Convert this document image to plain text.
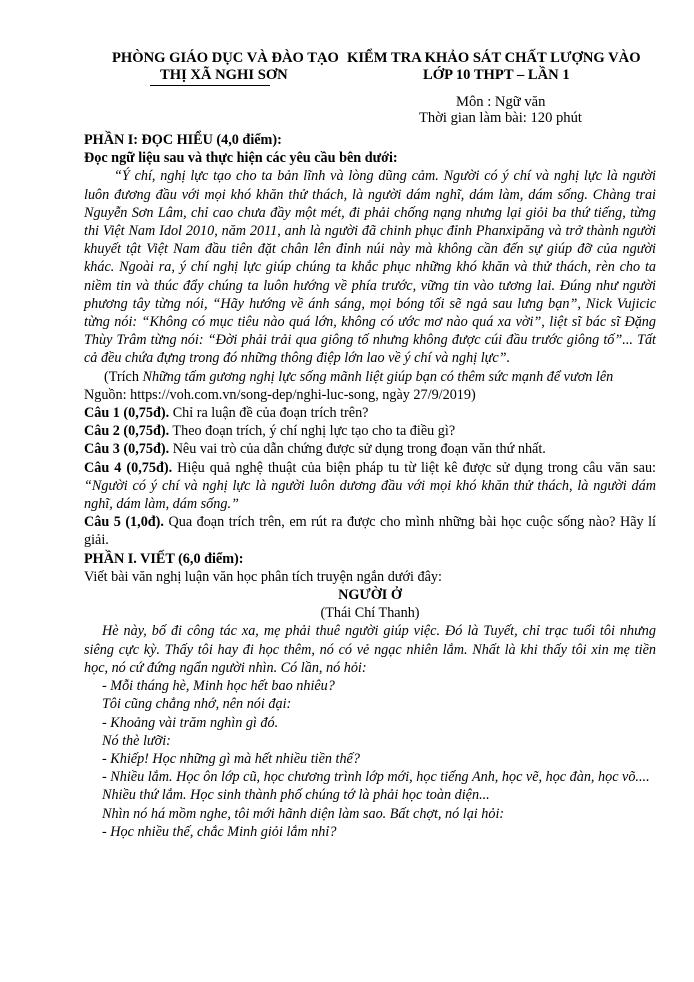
PHÒNG GIÁO DỤC VÀ ĐÀO TẠO
THỊ XÃ NGHI SƠN
KIỂM TRA KHẢO SÁT CHẤT LƯỢNG VÀO
LỚP 10 THPT – LẦN 1
Môn : Ngữ văn
Thời gian làm bài: 120 phút

PHẦN I: ĐỌC HIỂU (4,0 điểm):

Đọc ngữ liệu sau và thực hiện các yêu cầu bên dưới:

“Ý chí, nghị lực tạo cho ta bản lĩnh và lòng dũng cảm. Người có ý chí và nghị lực là người luôn đương đầu với mọi khó khăn thử thách, là người dám nghĩ, dám làm, dám sống. Chàng trai Nguyễn Sơn Lâm, chỉ cao chưa đầy một mét, đi phải chống nạng nhưng lại giỏi ba thứ tiếng, từng thi Việt Nam Idol 2010, năm 2011, anh là người đã chinh phục đỉnh Phanxipăng và trở thành người khuyết tật Việt Nam đầu tiên đặt chân lên đỉnh núi này mà không cần đến sự giúp đỡ của người khác. Ngoài ra, ý chí nghị lực giúp chúng ta khắc phục những khó khăn và thử thách, rèn cho ta niềm tin và thúc đẩy chúng ta luôn hướng về phía trước, vững tin vào tương lai. Đúng như người phương tây từng nói, “Hãy hướng về ánh sáng, mọi bóng tối sẽ ngả sau lưng bạn”, Nick Vujicic từng nói: “Không có mục tiêu nào quá lớn, không có ước mơ nào quá xa vời”, liệt sĩ bác sĩ Đặng Thùy Trâm từng nói: “Đời phải trải qua giông tố nhưng không được cúi đầu trước giông tố”... Tất cả đều chứa đựng trong đó những thông điệp lớn lao về ý chí và nghị lực”.

(Trích Những tấm gương nghị lực sống mãnh liệt giúp bạn có thêm sức mạnh để vươn lên Nguồn: https://voh.com.vn/song-dep/nghi-luc-song, ngày 27/9/2019)

Câu 1 (0,75đ). Chỉ ra luận đề của đoạn trích trên?

Câu 2 (0,75đ). Theo đoạn trích, ý chí nghị lực tạo cho ta điều gì?

Câu 3 (0,75đ). Nêu vai trò của dẫn chứng được sử dụng trong đoạn văn thứ nhất.

Câu 4 (0,75đ). Hiệu quả nghệ thuật của biện pháp tu từ liệt kê được sử dụng trong câu văn sau: “Người có ý chí và nghị lực là người luôn dương đầu với mọi khó khăn thử thách, là người dám nghĩ, dám làm, dám sống.”

Câu 5 (1,0đ). Qua đoạn trích trên, em rút ra được cho mình những bài học cuộc sống nào? Hãy lí giải.

PHẦN I. VIẾT (6,0 điểm):

Viết bài văn nghị luận văn học phân tích truyện ngắn dưới đây:

NGƯỜI Ở

(Thái Chí Thanh)

Hè này, bố đi công tác xa, mẹ phải thuê người giúp việc. Đó là Tuyết, chỉ trạc tuổi tôi nhưng siêng cực kỳ. Thấy tôi hay đi học thêm, nó có vẻ ngạc nhiên lắm. Nhất là khi thấy tôi xin mẹ tiền học, nó cứ đứng ngẩn người nhìn. Có lần, nó hỏi:

- Mỗi tháng hè, Minh học hết bao nhiêu?

Tôi cũng chẳng nhớ, nên nói đại:

- Khoảng vài trăm nghìn gì đó.

Nó thè lưỡi:

- Khiếp! Học những gì mà hết nhiều tiền thế?

- Nhiều lắm. Học ôn lớp cũ, học chương trình lớp mới, học tiếng Anh, học vẽ, học đàn, học võ....

Nhiều thứ lắm. Học sinh thành phố chúng tớ là phải học toàn diện...

Nhìn nó há mồm nghe, tôi mới hãnh diện làm sao. Bất chợt, nó lại hỏi:

- Học nhiều thế, chắc Minh giỏi lắm nhỉ?
